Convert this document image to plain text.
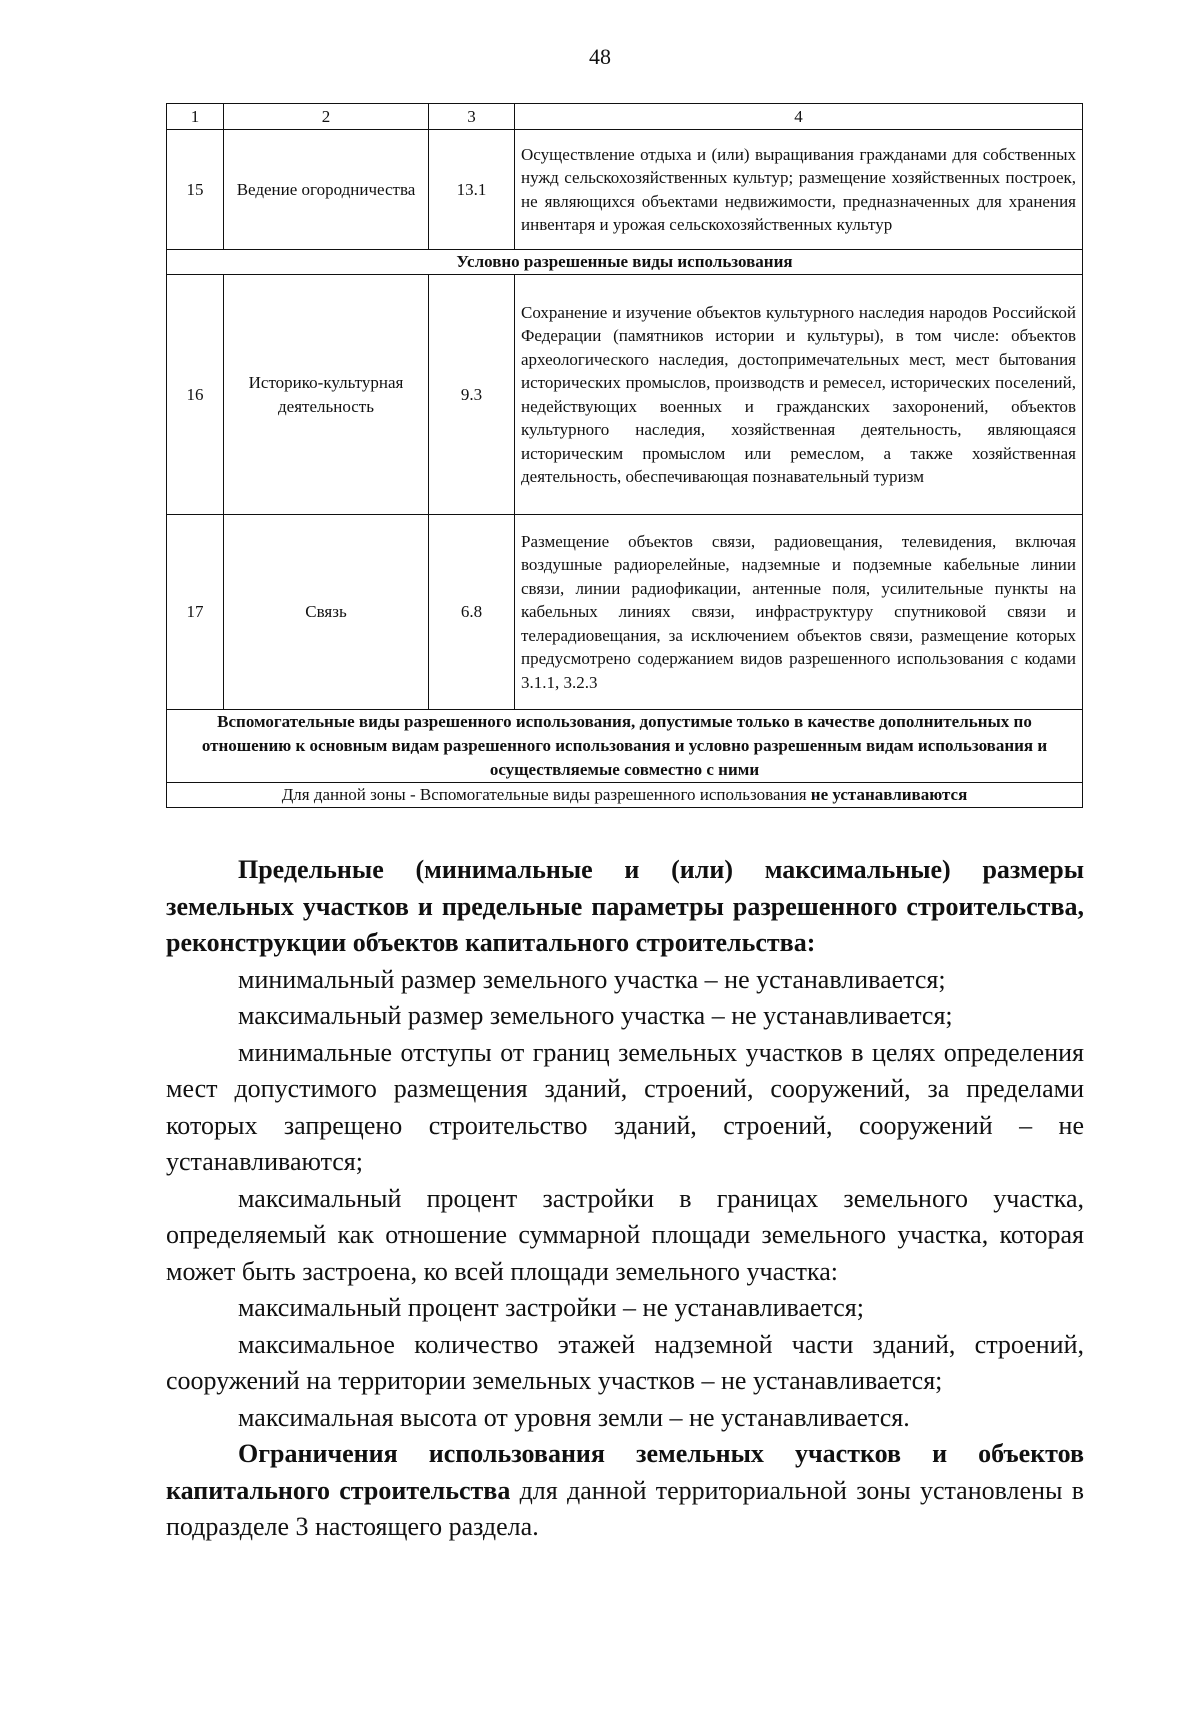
48
1	2	3	4
15	Ведение огородничества	13.1	Осуществление отдыха и (или) выращивания гражданами для собственных нужд сельскохозяйственных культур; размещение хозяйственных построек, не являющихся объектами недвижимости, предназначенных для хранения инвентаря и урожая сельскохозяйственных культур
Условно разрешенные виды использования			
16	Историко-культурная деятельность	9.3	Сохранение и изучение объектов культурного наследия народов Российской Федерации (памятников истории и культуры), в том числе: объектов археологического наследия, достопримечательных мест, мест бытования исторических промыслов, производств и ремесел, исторических поселений, недействующих военных и гражданских захоронений, объектов культурного наследия, хозяйственная деятельность, являющаяся историческим промыслом или ремеслом, а также хозяйственная деятельность, обеспечивающая познавательный туризм
17	Связь	6.8	Размещение объектов связи, радиовещания, телевидения, включая воздушные радиорелейные, надземные и подземные кабельные линии связи, линии радиофикации, антенные поля, усилительные пункты на кабельных линиях связи, инфраструктуру спутниковой связи и телерадиовещания, за исключением объектов связи, размещение которых предусмотрено содержанием видов разрешенного использования с кодами 3.1.1, 3.2.3
Вспомогательные виды разрешенного использования, допустимые только в качестве дополнительных по отношению к основным видам разрешенного использования и условно разрешенным видам использования и осуществляемые совместно с ними			
Для данной зоны - Вспомогательные виды разрешенного использования не устанавливаются			

Предельные (минимальные и (или) максимальные) размеры земельных участков и предельные параметры разрешенного строительства, реконструкции объектов капитального строительства:

минимальный размер земельного участка – не устанавливается;

максимальный размер земельного участка – не устанавливается;

минимальные отступы от границ земельных участков в целях определения мест допустимого размещения зданий, строений, сооружений, за пределами которых запрещено строительство зданий, строений, сооружений – не устанавливаются;

максимальный процент застройки в границах земельного участка, определяемый как отношение суммарной площади земельного участка, которая может быть застроена, ко всей площади земельного участка:

максимальный процент застройки – не устанавливается;

максимальное количество этажей надземной части зданий, строений, сооружений на территории земельных участков – не устанавливается;

максимальная высота от уровня земли – не устанавливается.

Ограничения использования земельных участков и объектов капитального строительства для данной территориальной зоны установлены в подразделе 3 настоящего раздела.
